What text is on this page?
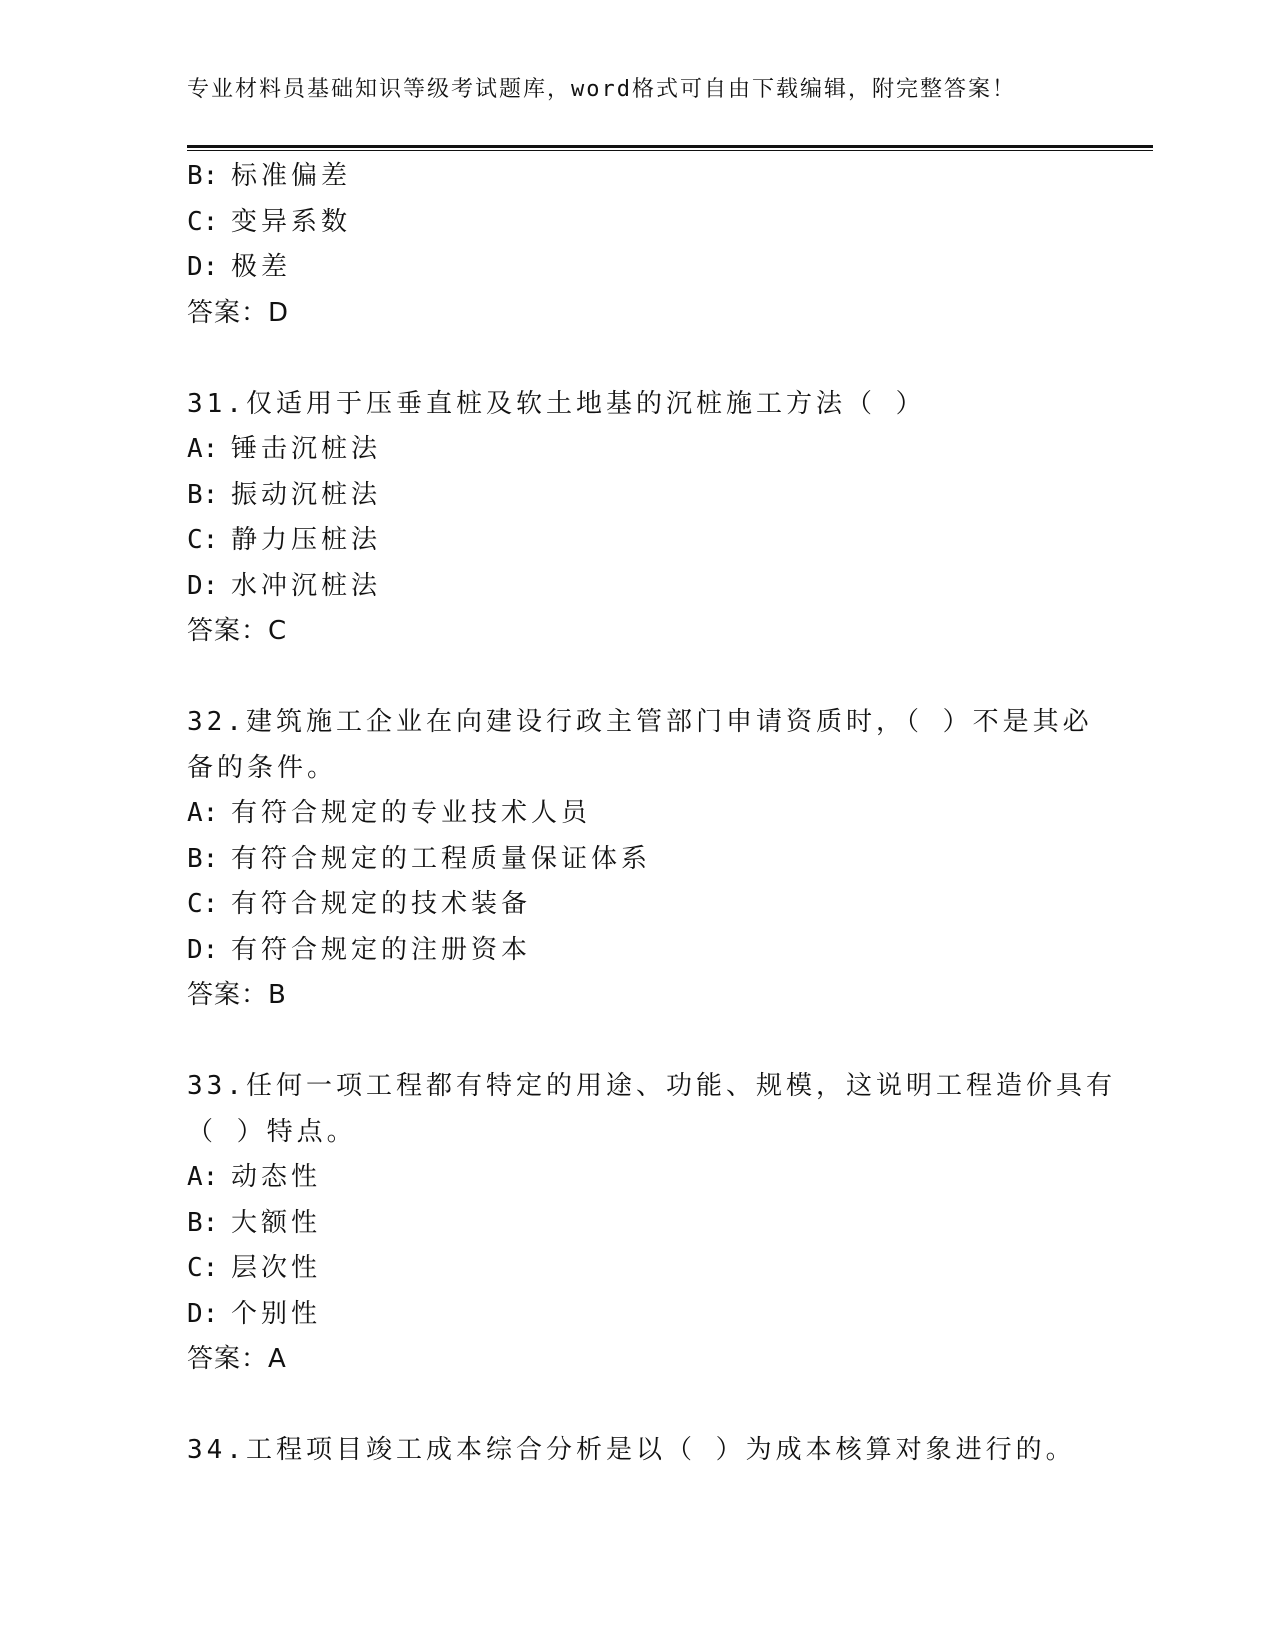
专业材料员基础知识等级考试题库，word格式可自由下载编辑，附完整答案！
B: 标准偏差
C: 变异系数
D: 极差
答案：D
31.仅适用于压垂直桩及软土地基的沉桩施工方法（ ）
A: 锤击沉桩法
B: 振动沉桩法
C: 静力压桩法
D: 水冲沉桩法
答案：C
32.建筑施工企业在向建设行政主管部门申请资质时，（ ）不是其必
备的条件。
A: 有符合规定的专业技术人员
B: 有符合规定的工程质量保证体系
C: 有符合规定的技术装备
D: 有符合规定的注册资本
答案：B
33.任何一项工程都有特定的用途、功能、规模，这说明工程造价具有
（ ）特点。
A: 动态性
B: 大额性
C: 层次性
D: 个别性
答案：A
34.工程项目竣工成本综合分析是以（ ）为成本核算对象进行的。
